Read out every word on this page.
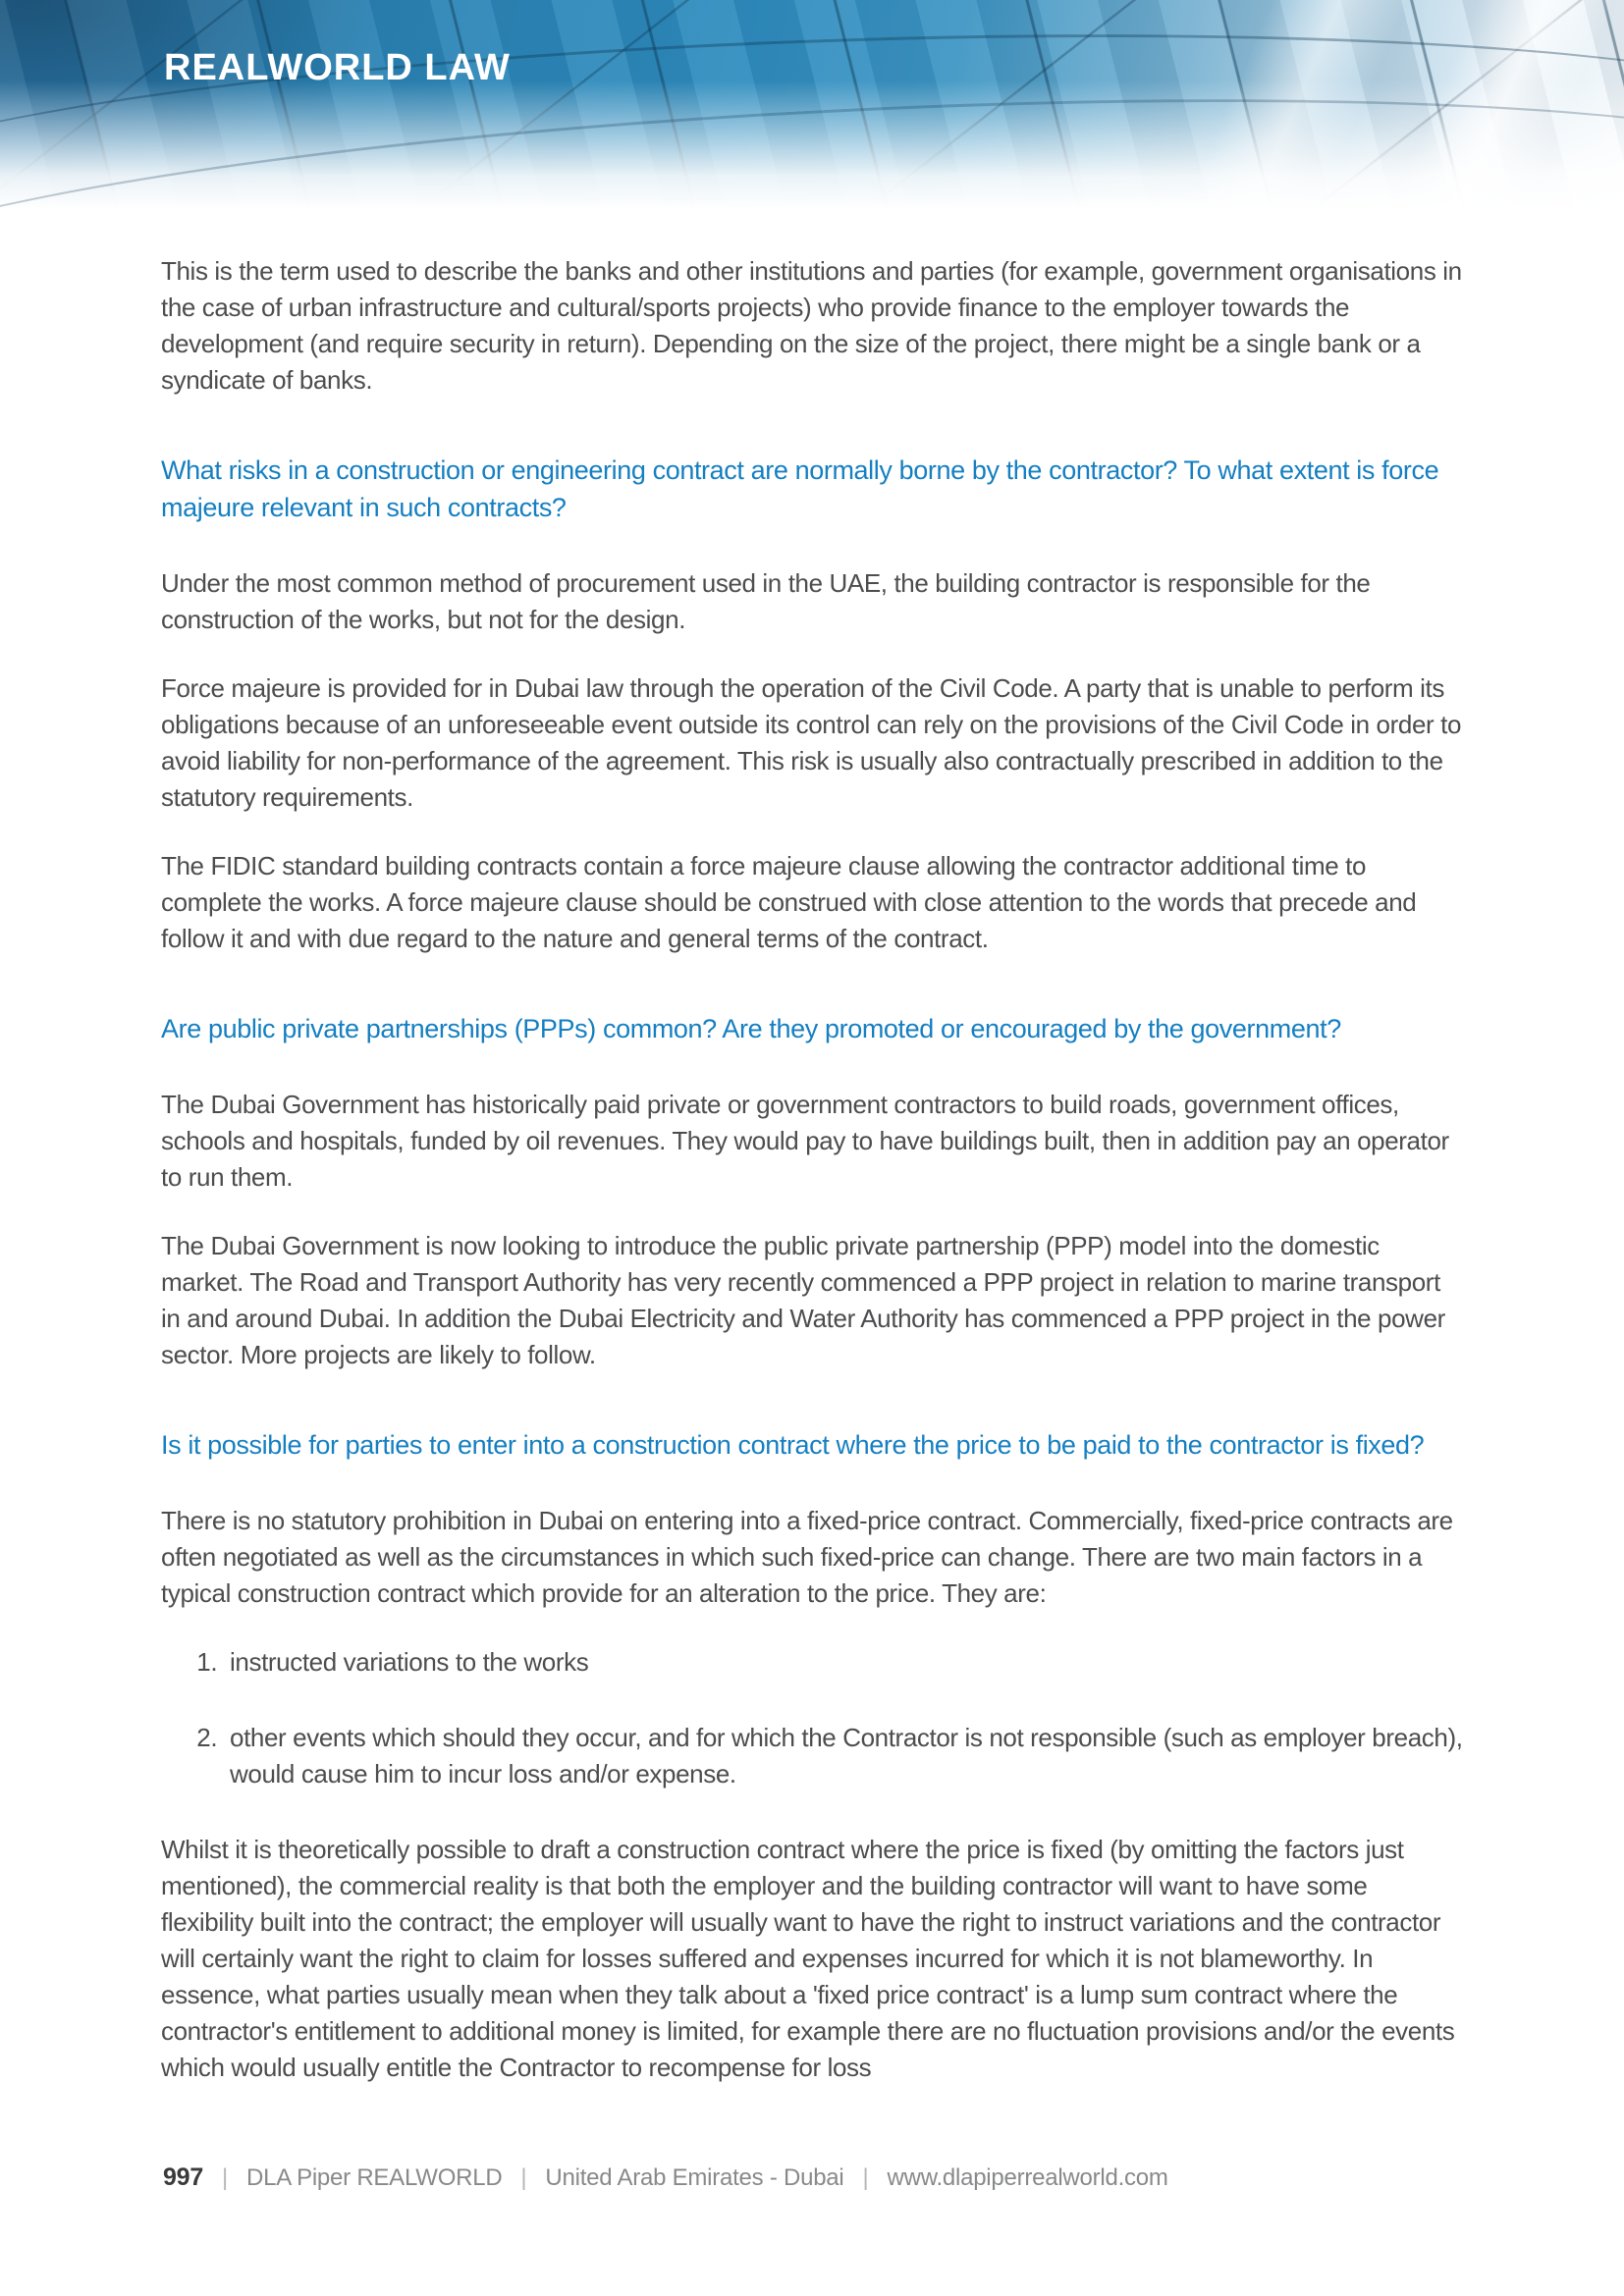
REALWORLD LAW

This is the term used to describe the banks and other institutions and parties (for example, government organisations in the case of urban infrastructure and cultural/sports projects) who provide finance to the employer towards the development (and require security in return). Depending on the size of the project, there might be a single bank or a syndicate of banks.

What risks in a construction or engineering contract are normally borne by the contractor? To what extent is force majeure relevant in such contracts?

Under the most common method of procurement used in the UAE, the building contractor is responsible for the construction of the works, but not for the design.

Force majeure is provided for in Dubai law through the operation of the Civil Code. A party that is unable to perform its obligations because of an unforeseeable event outside its control can rely on the provisions of the Civil Code in order to avoid liability for non-performance of the agreement. This risk is usually also contractually prescribed in addition to the statutory requirements.

The FIDIC standard building contracts contain a force majeure clause allowing the contractor additional time to complete the works. A force majeure clause should be construed with close attention to the words that precede and follow it and with due regard to the nature and general terms of the contract.

Are public private partnerships (PPPs) common? Are they promoted or encouraged by the government?

The Dubai Government has historically paid private or government contractors to build roads, government offices, schools and hospitals, funded by oil revenues. They would pay to have buildings built, then in addition pay an operator to run them.

The Dubai Government is now looking to introduce the public private partnership (PPP) model into the domestic market. The Road and Transport Authority has very recently commenced a PPP project in relation to marine transport in and around Dubai. In addition the Dubai Electricity and Water Authority has commenced a PPP project in the power sector. More projects are likely to follow.

Is it possible for parties to enter into a construction contract where the price to be paid to the contractor is fixed?

There is no statutory prohibition in Dubai on entering into a fixed-price contract. Commercially, fixed-price contracts are often negotiated as well as the circumstances in which such fixed-price can change. There are two main factors in a typical construction contract which provide for an alteration to the price. They are:

1. instructed variations to the works
2. other events which should they occur, and for which the Contractor is not responsible (such as employer breach), would cause him to incur loss and/or expense.

Whilst it is theoretically possible to draft a construction contract where the price is fixed (by omitting the factors just mentioned), the commercial reality is that both the employer and the building contractor will want to have some flexibility built into the contract; the employer will usually want to have the right to instruct variations and the contractor will certainly want the right to claim for losses suffered and expenses incurred for which it is not blameworthy. In essence, what parties usually mean when they talk about a 'fixed price contract' is a lump sum contract where the contractor's entitlement to additional money is limited, for example there are no fluctuation provisions and/or the events which would usually entitle the Contractor to recompense for loss

997 | DLA Piper REALWORLD | United Arab Emirates - Dubai | www.dlapiperrealworld.com
